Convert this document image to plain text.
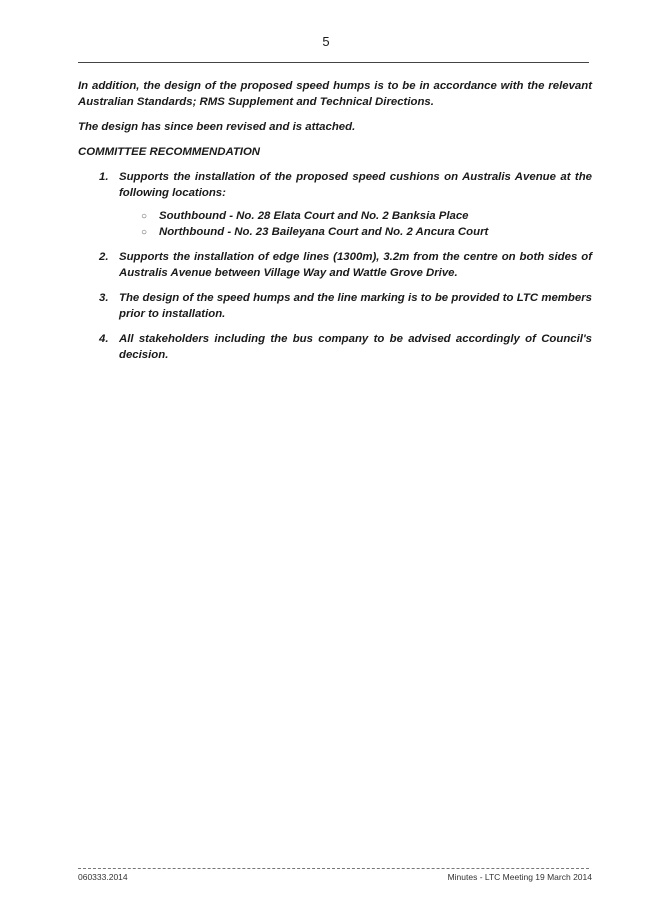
5

In addition, the design of the proposed speed humps is to be in accordance with the relevant Australian Standards; RMS Supplement and Technical Directions.

The design has since been revised and is attached.

COMMITTEE RECOMMENDATION

1. Supports the installation of the proposed speed cushions on Australis Avenue at the following locations:
○ Southbound - No. 28 Elata Court and No. 2 Banksia Place
○ Northbound - No. 23 Baileyana Court and No. 2 Ancura Court
2. Supports the installation of edge lines (1300m), 3.2m from the centre on both sides of Australis Avenue between Village Way and Wattle Grove Drive.
3. The design of the speed humps and the line marking is to be provided to LTC members prior to installation.
4. All stakeholders including the bus company to be advised accordingly of Council's decision.
060333.2014	Minutes - LTC Meeting 19 March 2014
